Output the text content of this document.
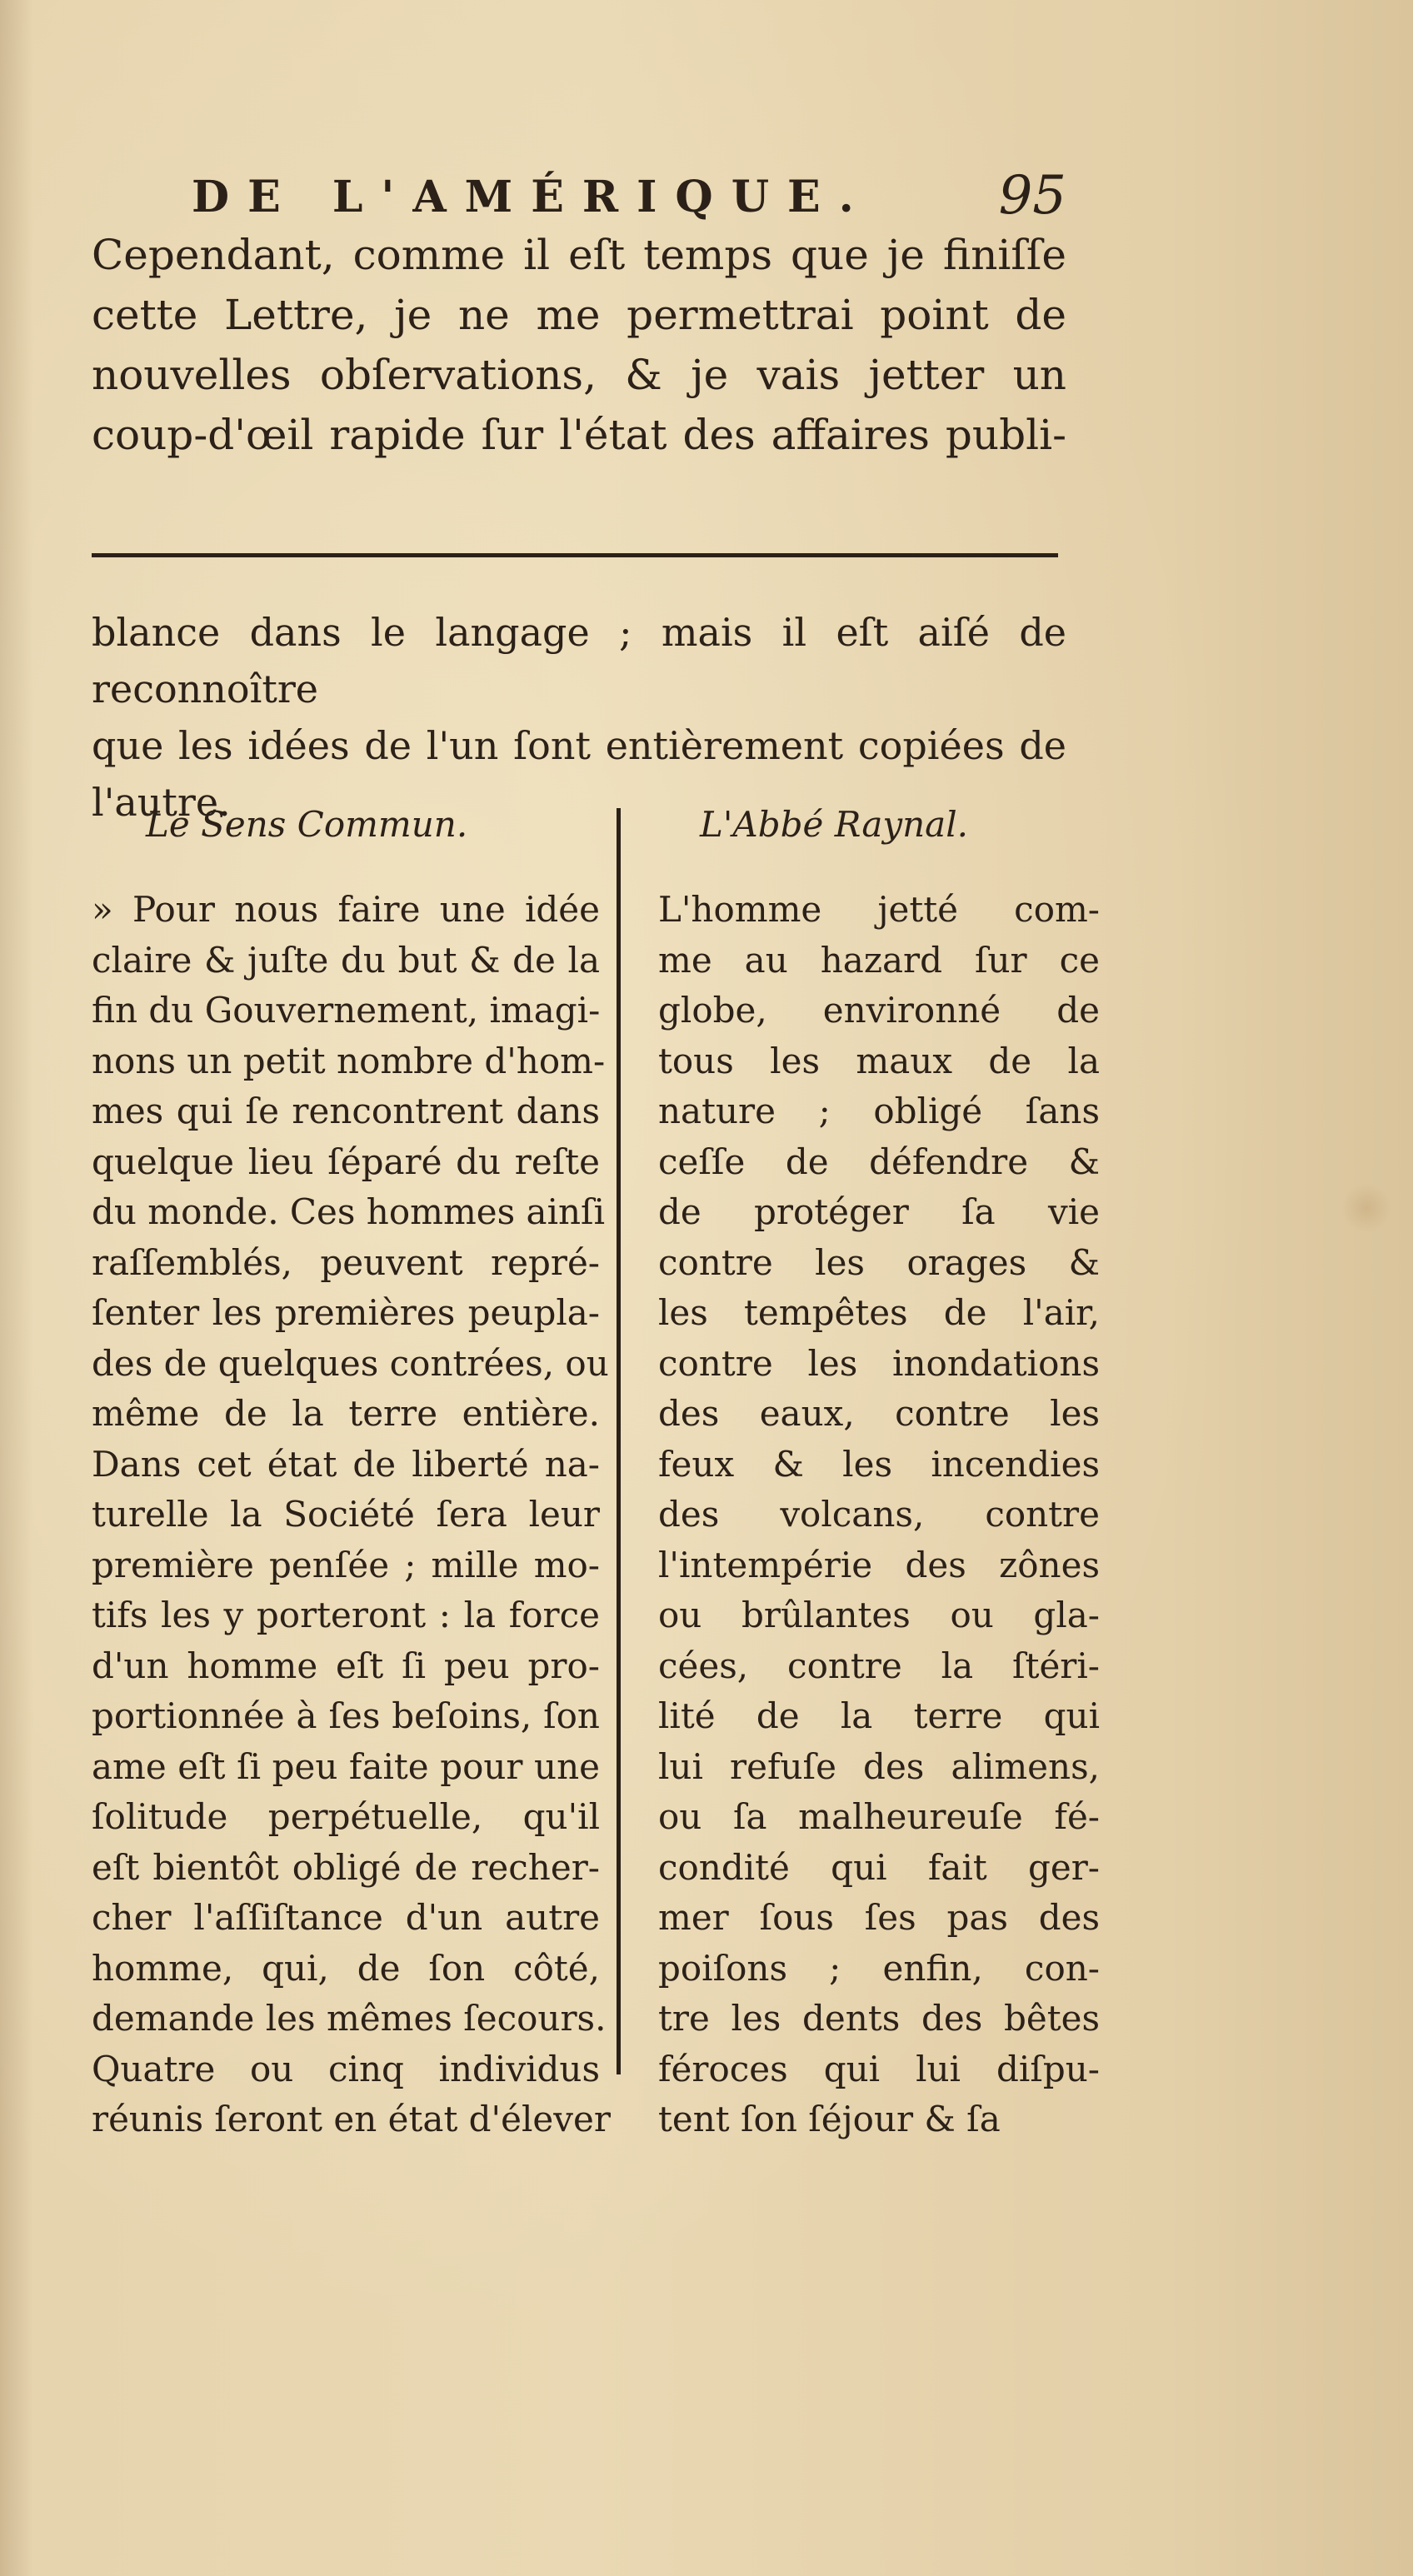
DE L'AMÉRIQUE. 95

Cependant, comme il eſt temps que je finiſſe
cette Lettre, je ne me permettrai point de
nouvelles obſervations, & je vais jetter un
coup-d'œil rapide ſur l'état des affaires publi-

blance dans le langage ; mais il eſt aiſé de reconnoître
que les idées de l'un ſont entièrement copiées de
l'autre.

Le Sens Commun.	L'Abbé Raynal.
» Pour nous faire une idée
claire & juſte du but & de la
fin du Gouvernement, imagi-
nons un petit nombre d'hom-
mes qui ſe rencontrent dans
quelque lieu ſéparé du reſte
du monde. Ces hommes ainſi
raſſemblés, peuvent repré-
ſenter les premières peupla-
des de quelques contrées, ou
même de la terre entière.
Dans cet état de liberté na-
turelle la Société ſera leur
première penſée ; mille mo-
tifs les y porteront : la force
d'un homme eſt ſi peu pro-
portionnée à ſes beſoins, ſon
ame eſt ſi peu faite pour une
ſolitude perpétuelle, qu'il
eſt bientôt obligé de recher-
cher l'aſſiſtance d'un autre
homme, qui, de ſon côté,
demande les mêmes ſecours.
Quatre ou cinq individus
réunis ſeront en état d'élever
L'homme jetté com-
me au hazard ſur ce
globe, environné de
tous les maux de la
nature ; obligé ſans
ceſſe de défendre &
de protéger ſa vie
contre les orages &
les tempêtes de l'air,
contre les inondations
des eaux, contre les
feux & les incendies
des volcans, contre
l'intempérie des zônes
ou brûlantes ou gla-
cées, contre la ſtéri-
lité de la terre qui
lui refuſe des alimens,
ou ſa malheureuſe fé-
condité qui fait ger-
mer ſous ſes pas des
poiſons ; enfin, con-
tre les dents des bêtes
féroces qui lui diſpu-
tent ſon ſéjour & ſa
